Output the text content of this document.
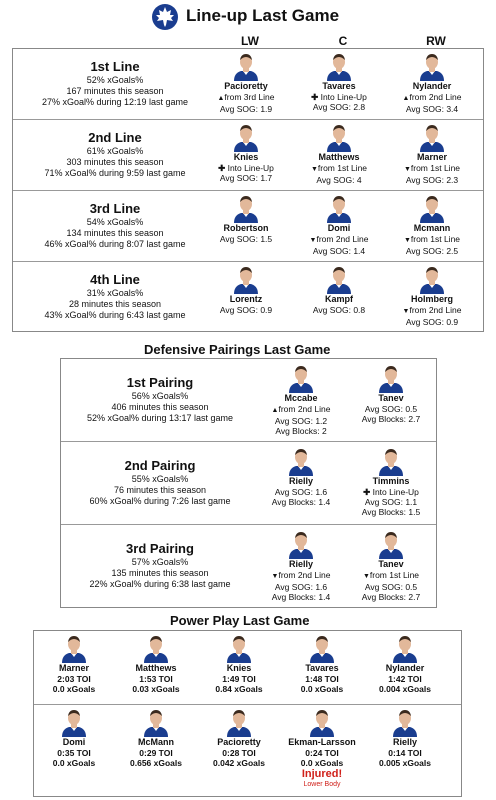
Line-up Last Game
LW	C	RW
1st Line
52% xGoals%
167 minutes this season
27% xGoal% during 12:19 last game
Pacioretty
▲from 3rd Line
Avg SOG: 1.9
Tavares
✚ Into Line-Up
Avg SOG: 2.8
Nylander
▲from 2nd Line
Avg SOG: 3.4
2nd Line
61% xGoals%
303 minutes this season
71% xGoal% during 9:59 last game
Knies
✚ Into Line-Up
Avg SOG: 1.7
Matthews
▼from 1st Line
Avg SOG: 4
Marner
▼from 1st Line
Avg SOG: 2.3
3rd Line
54% xGoals%
134 minutes this season
46% xGoal% during 8:07 last game
Robertson
Avg SOG: 1.5
Domi
▼from 2nd Line
Avg SOG: 1.4
Mcmann
▼from 1st Line
Avg SOG: 2.5
4th Line
31% xGoals%
28 minutes this season
43% xGoal% during 6:43 last game
Lorentz
Avg SOG: 0.9
Kampf
Avg SOG: 0.8
Holmberg
▼from 2nd Line
Avg SOG: 0.9
Defensive Pairings Last Game
1st Pairing
56% xGoals%
406 minutes this season
52% xGoal% during 13:17 last game
Mccabe
▲from 2nd Line
Avg SOG: 1.2
Avg Blocks: 2
Tanev
Avg SOG: 0.5
Avg Blocks: 2.7
2nd Pairing
55% xGoals%
76 minutes this season
60% xGoal% during 7:26 last game
Rielly
Avg SOG: 1.6
Avg Blocks: 1.4
Timmins
✚ Into Line-Up
Avg SOG: 1.1
Avg Blocks: 1.5
3rd Pairing
57% xGoals%
135 minutes this season
22% xGoal% during 6:38 last game
Rielly
▼from 2nd Line
Avg SOG: 1.6
Avg Blocks: 1.4
Tanev
▼from 1st Line
Avg SOG: 0.5
Avg Blocks: 2.7
Power Play Last Game
Marner
2:03 TOI
0.0 xGoals
Matthews
1:53 TOI
0.03 xGoals
Knies
1:49 TOI
0.84 xGoals
Tavares
1:48 TOI
0.0 xGoals
Nylander
1:42 TOI
0.004 xGoals
Domi
0:35 TOI
0.0 xGoals
McMann
0:29 TOI
0.656 xGoals
Pacioretty
0:28 TOI
0.042 xGoals
Ekman-Larsson
0:24 TOI
0.0 xGoals
Injured!
Lower Body
Rielly
0:14 TOI
0.005 xGoals
